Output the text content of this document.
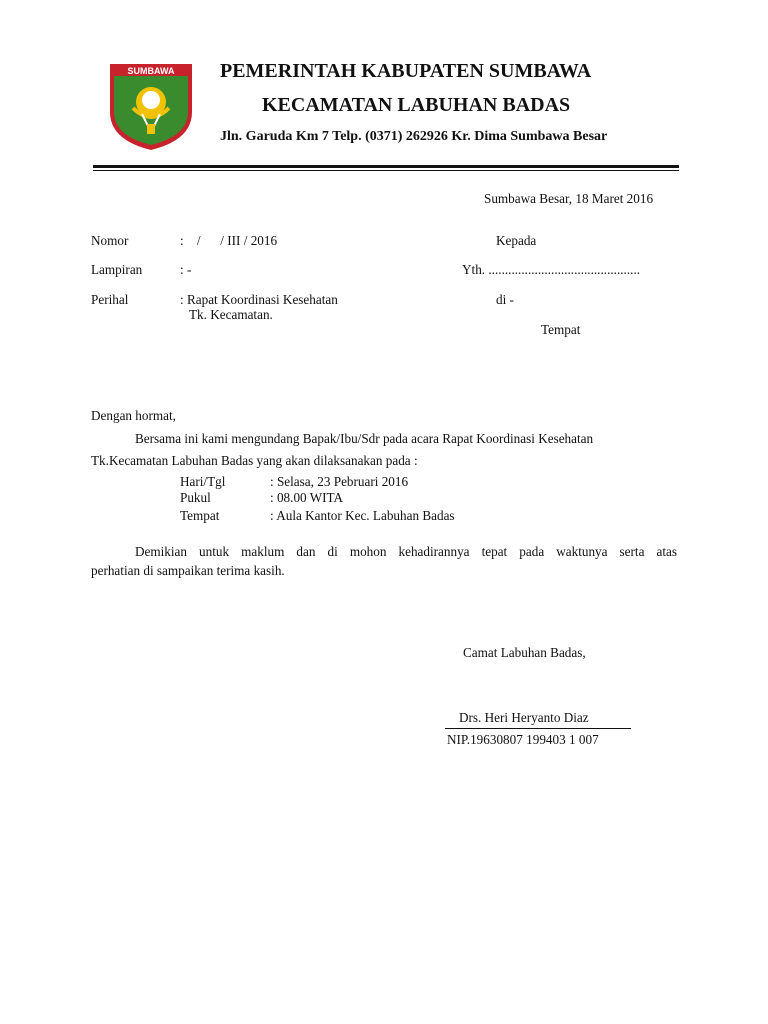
SUMBAWA PEMERINTAH KABUPATEN SUMBAWA
KECAMATAN LABUHAN BADAS
Jln. Garuda Km 7 Telp. (0371) 262926 Kr. Dima Sumbawa Besar
Sumbawa Besar, 18 Maret 2016
Nomor	:    /      / III / 2016
Lampiran	: -
Perihal	: Rapat Koordinasi Kesehatan
Tk. Kecamatan.
Kepada
Yth. ..............................................
di -
Tempat
Dengan hormat,
Bersama ini kami mengundang Bapak/Ibu/Sdr pada acara Rapat Koordinasi Kesehatan
Tk.Kecamatan Labuhan Badas yang akan dilaksanakan pada :
Hari/Tgl	: Selasa, 23 Pebruari 2016
Pukul	: 08.00 WITA
Tempat	: Aula Kantor Kec. Labuhan Badas
Demikian untuk maklum dan di mohon kehadirannya tepat pada waktunya serta atas
perhatian di sampaikan terima kasih.
Camat Labuhan Badas,
Drs. Heri Heryanto Diaz
NIP.19630807 199403 1 007
